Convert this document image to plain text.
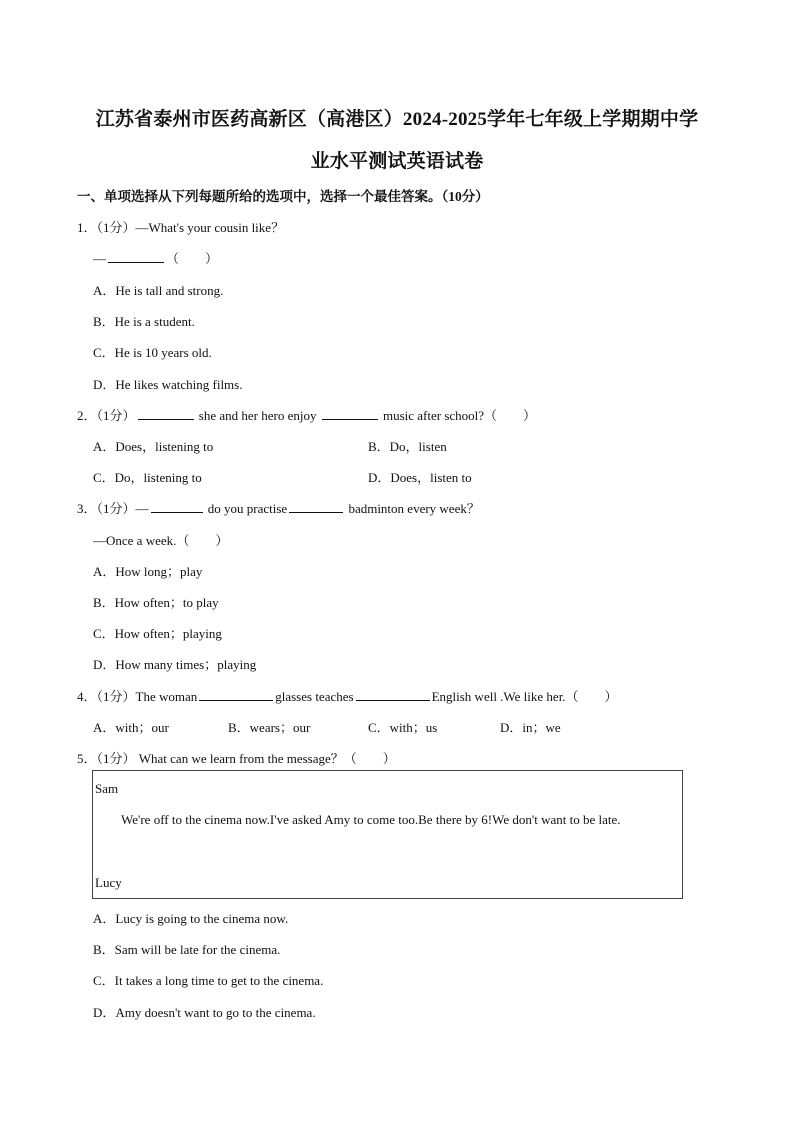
江苏省泰州市医药高新区（高港区）2024-2025学年七年级上学期期中学
业水平测试英语试卷
一、单项选择从下列每题所给的选项中，选择一个最佳答案。（10分）
1．（1分）—What's your cousin like？
—	（　　）
A．He is tall and strong.
B．He is a student.
C．He is 10 years old.
D．He likes watching films.
2．（1分）	she and her hero enjoy	music after school?（　　）
A．Does，listening to	B．Do，listen
C．Do，listening to	D．Does，listen to
3．（1分）—	do you practise	badminton every week？
—Once a week.（　　）
A．How long；play
B．How often；to play
C．How often；playing
D．How many times；playing
4．（1分）The woman	glasses teaches	English well .We like her.（　　）
A．with；our	B．wears；our	C．with；us	D．in；we
5．（1分） What can we learn from the message？（　　）
Sam
We're off to the cinema now.I've asked Amy to come too.Be there by 6!We don't want to be late.
Lucy
A．Lucy is going to the cinema now.
B．Sam will be late for the cinema.
C．It takes a long time to get to the cinema.
D．Amy doesn't want to go to the cinema.
